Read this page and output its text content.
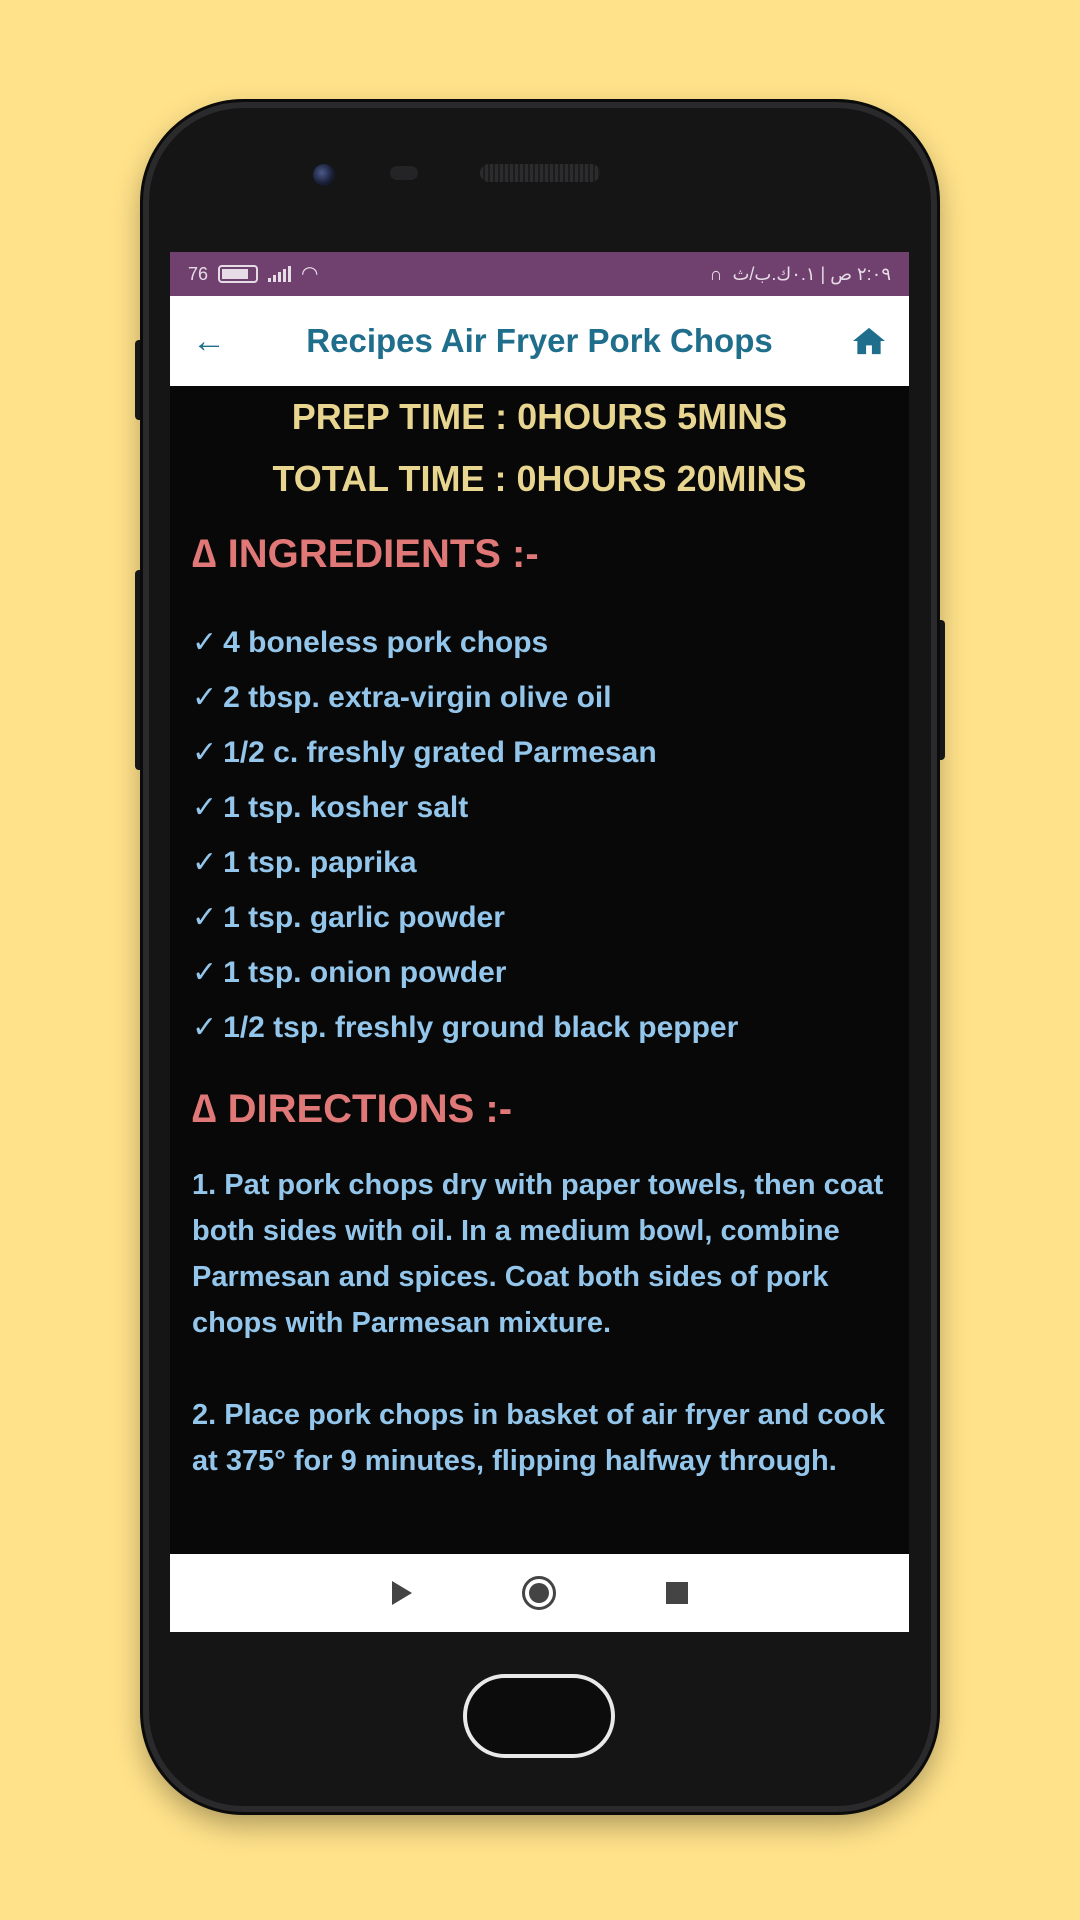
76	◠	∩ ٢:٠٩ ص | ٠.١ك.ب/ث
←	Recipes Air Fryer Pork Chops
PREP TIME : 0HOURS 5MINS
TOTAL TIME : 0HOURS 20MINS
∆ INGREDIENTS :-
✓ 4 boneless pork chops
✓ 2 tbsp. extra-virgin olive oil
✓ 1/2 c. freshly grated Parmesan
✓ 1 tsp. kosher salt
✓ 1 tsp. paprika
✓ 1 tsp. garlic powder
✓ 1 tsp. onion powder
✓ 1/2 tsp. freshly ground black pepper
∆ DIRECTIONS :-

1. Pat pork chops dry with paper towels, then coat both sides with oil. In a medium bowl, combine Parmesan and spices. Coat both sides of pork chops with Parmesan mixture.

2. Place pork chops in basket of air fryer and cook at 375° for 9 minutes, flipping halfway through.
